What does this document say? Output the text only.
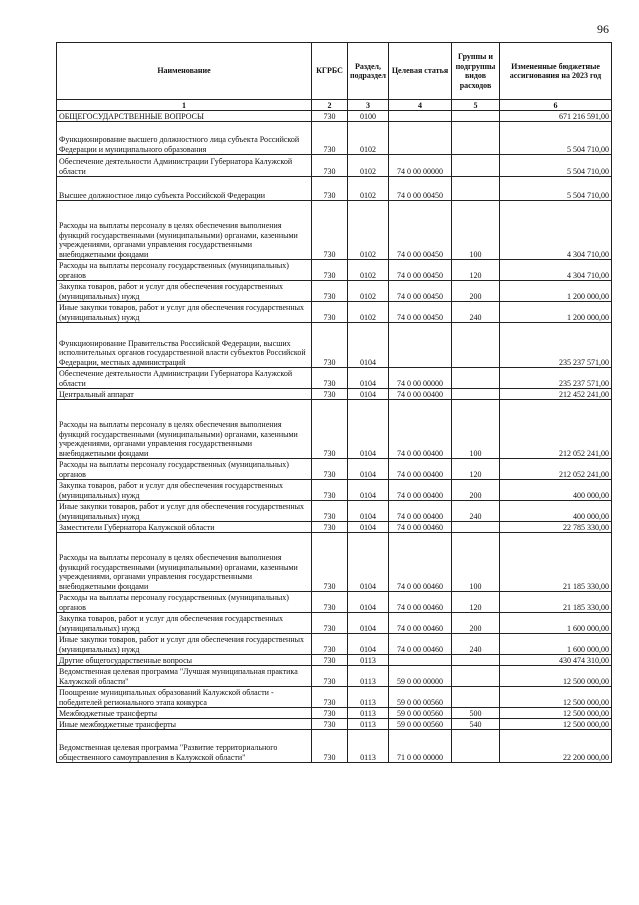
96
Наименование	КГРБС	Раздел, подраздел	Целевая статья	Группы и подгруппы видов расходов	Измененные бюджетные ассигнования на 2023 год
1	2	3	4	5	6
ОБЩЕГОСУДАРСТВЕННЫЕ ВОПРОСЫ	730	0100			671 216 591,00
Функционирование высшего должностного лица субъекта Российской Федерации и муниципального образования	730	0102			5 504 710,00
Обеспечение деятельности Администрации Губернатора Калужской области	730	0102	74 0 00 00000		5 504 710,00
Высшее должностное лицо субъекта Российской Федерации	730	0102	74 0 00 00450		5 504 710,00
Расходы на выплаты персоналу в целях обеспечения выполнения функций государственными (муниципальными) органами, казенными учреждениями, органами управления государственными внебюджетными фондами	730	0102	74 0 00 00450	100	4 304 710,00
Расходы на выплаты персоналу государственных (муниципальных) органов	730	0102	74 0 00 00450	120	4 304 710,00
Закупка товаров, работ и услуг для обеспечения государственных (муниципальных) нужд	730	0102	74 0 00 00450	200	1 200 000,00
Иные закупки товаров, работ и услуг для обеспечения государственных (муниципальных) нужд	730	0102	74 0 00 00450	240	1 200 000,00
Функционирование Правительства Российской Федерации, высших исполнительных органов государственной власти субъектов Российской Федерации, местных администраций	730	0104			235 237 571,00
Обеспечение деятельности Администрации Губернатора Калужской области	730	0104	74 0 00 00000		235 237 571,00
Центральный аппарат	730	0104	74 0 00 00400		212 452 241,00
Расходы на выплаты персоналу в целях обеспечения выполнения функций государственными (муниципальными) органами, казенными учреждениями, органами управления государственными внебюджетными фондами	730	0104	74 0 00 00400	100	212 052 241,00
Расходы на выплаты персоналу государственных (муниципальных) органов	730	0104	74 0 00 00400	120	212 052 241,00
Закупка товаров, работ и услуг для обеспечения государственных (муниципальных) нужд	730	0104	74 0 00 00400	200	400 000,00
Иные закупки товаров, работ и услуг для обеспечения государственных (муниципальных) нужд	730	0104	74 0 00 00400	240	400 000,00
Заместители Губернатора Калужской области	730	0104	74 0 00 00460		22 785 330,00
Расходы на выплаты персоналу в целях обеспечения выполнения функций государственными (муниципальными) органами, казенными учреждениями, органами управления государственными внебюджетными фондами	730	0104	74 0 00 00460	100	21 185 330,00
Расходы на выплаты персоналу государственных (муниципальных) органов	730	0104	74 0 00 00460	120	21 185 330,00
Закупка товаров, работ и услуг для обеспечения государственных (муниципальных) нужд	730	0104	74 0 00 00460	200	1 600 000,00
Иные закупки товаров, работ и услуг для обеспечения государственных (муниципальных) нужд	730	0104	74 0 00 00460	240	1 600 000,00
Другие общегосударственные вопросы	730	0113			430 474 310,00
Ведомственная целевая программа "Лучшая муниципальная практика Калужской области"	730	0113	59 0 00 00000		12 500 000,00
Поощрение муниципальных образований Калужской области - победителей регионального этапа конкурса	730	0113	59 0 00 00560		12 500 000,00
Межбюджетные трансферты	730	0113	59 0 00 00560	500	12 500 000,00
Иные межбюджетные трансферты	730	0113	59 0 00 00560	540	12 500 000,00
Ведомственная целевая программа "Развитие территориального общественного самоуправления в Калужской области"	730	0113	71 0 00 00000		22 200 000,00
